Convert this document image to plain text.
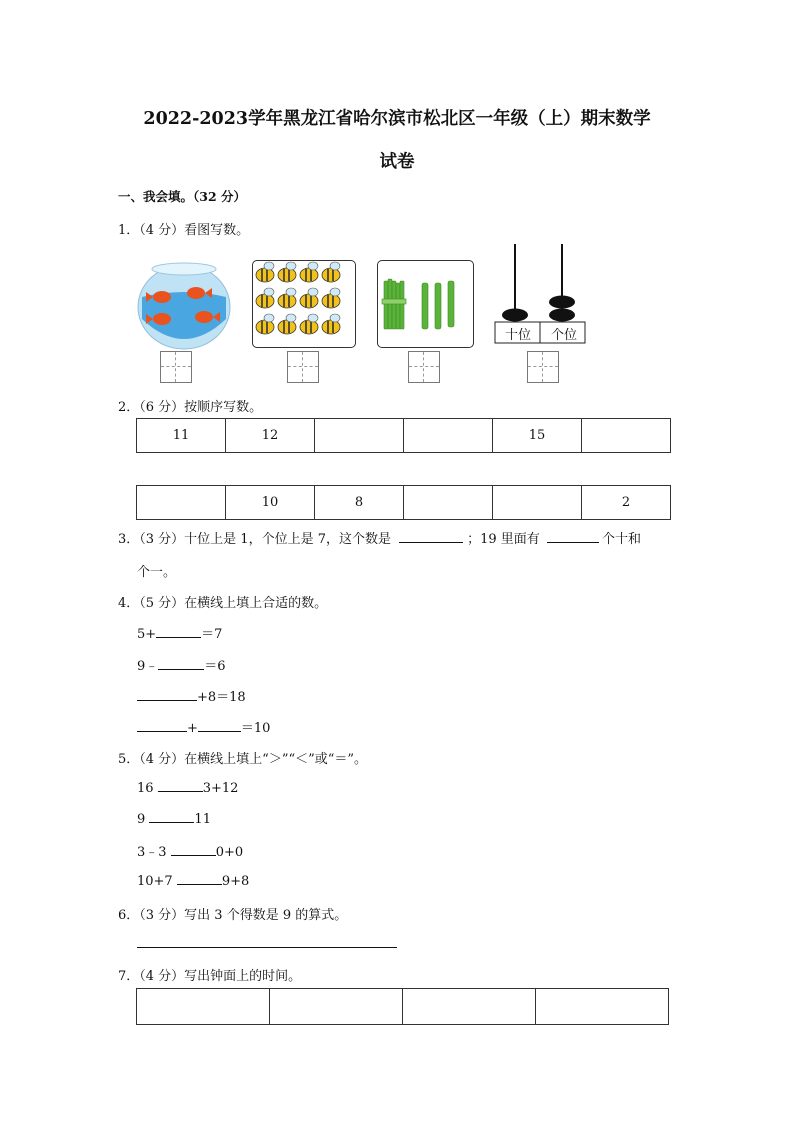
2022-2023学年黑龙江省哈尔滨市松北区一年级（上）期末数学
试卷
一、我会填。（32 分）
1．（4 分）看图写数。
十位	个位
2．（6 分）按顺序写数。
11	12			15	
	10	8			2
3．（3 分）十位上是 1，个位上是 7，这个数是	；19 里面有	个十和
个一。
4．（5 分）在横线上填上合适的数。
5+	＝7
9﹣	＝6
+8＝18
+	＝10
5．（4 分）在横线上填上“＞”“＜”或“＝”。
16	3+12
9	11
3﹣3	0+0
10+7	9+8
6．（3 分）写出 3 个得数是 9 的算式。
7．（4 分）写出钟面上的时间。
